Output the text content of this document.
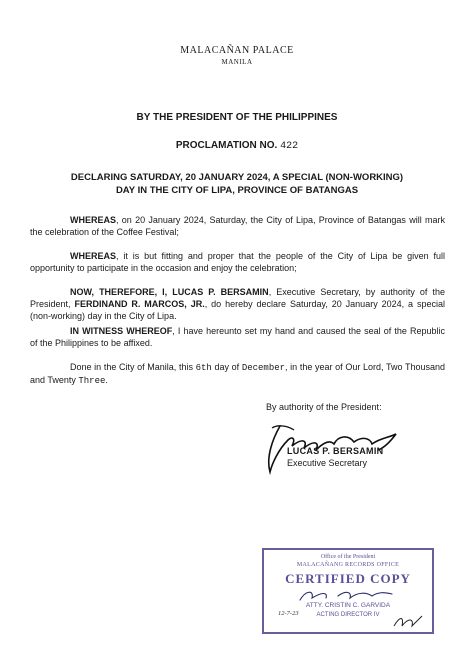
MALACAÑAN PALACE
MANILA
BY THE PRESIDENT OF THE PHILIPPINES
PROCLAMATION NO. 422
DECLARING SATURDAY, 20 JANUARY 2024, A SPECIAL (NON-WORKING)
DAY IN THE CITY OF LIPA, PROVINCE OF BATANGAS
WHEREAS, on 20 January 2024, Saturday, the City of Lipa, Province of Batangas will mark the celebration of the Coffee Festival;
WHEREAS, it is but fitting and proper that the people of the City of Lipa be given full opportunity to participate in the occasion and enjoy the celebration;
NOW, THEREFORE, I, LUCAS P. BERSAMIN, Executive Secretary, by authority of the President, FERDINAND R. MARCOS, JR., do hereby declare Saturday, 20 January 2024, a special (non-working) day in the City of Lipa.
IN WITNESS WHEREOF, I have hereunto set my hand and caused the seal of the Republic of the Philippines to be affixed.
Done in the City of Manila, this 6th day of December, in the year of Our Lord, Two Thousand and Twenty Three.
By authority of the President:
LUCAS P. BERSAMIN
Executive Secretary
Office of the President
MALACAÑANG RECORDS OFFICE
CERTIFIED COPY
ATTY. CRISTIN C. GARVIDA
ACTING DIRECTOR IV
12-7-23
